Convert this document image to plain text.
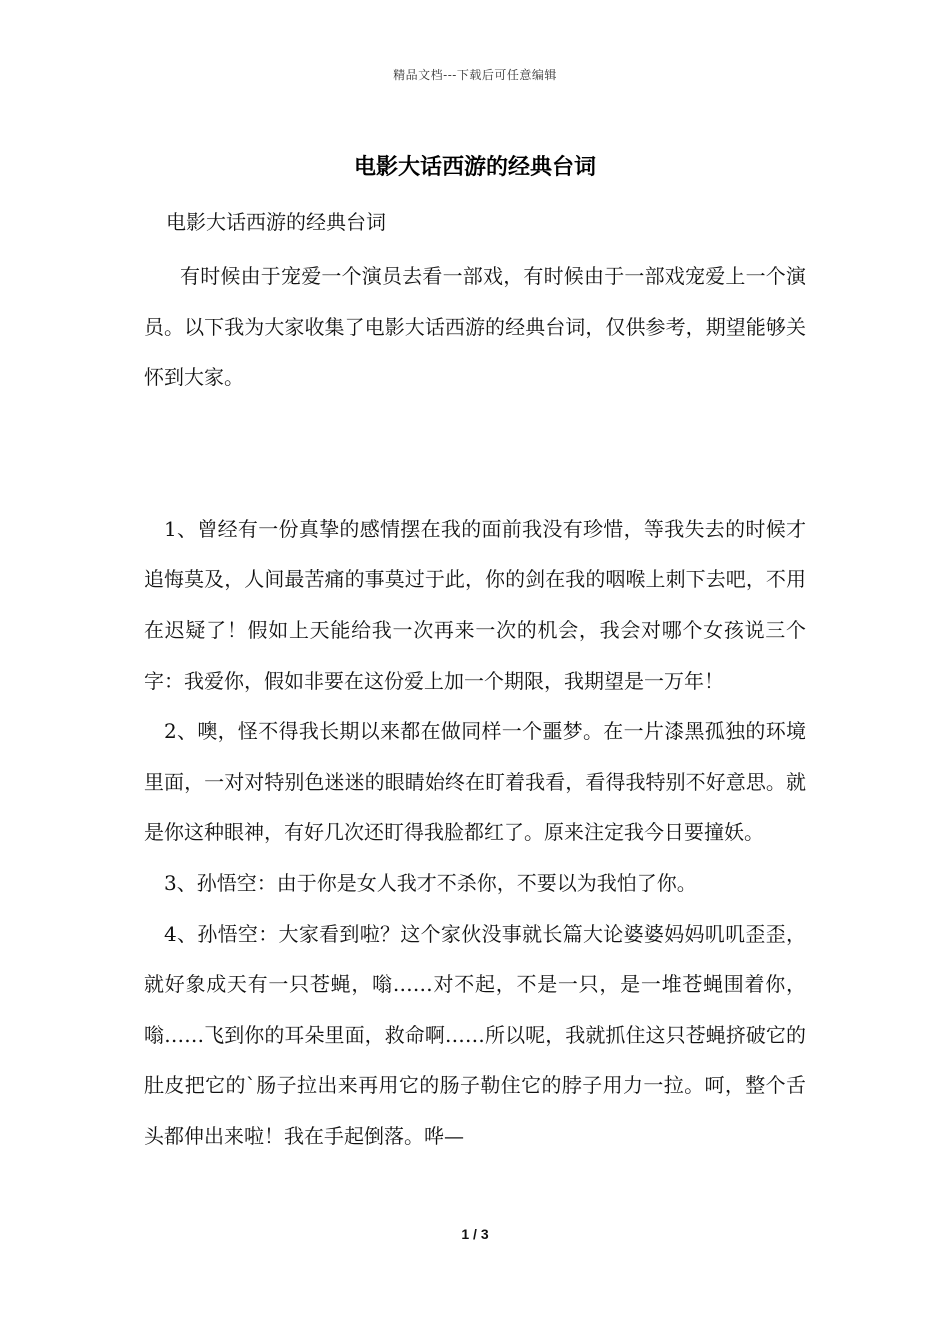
精品文档---下载后可任意编辑
电影大话西游的经典台词
电影大话西游的经典台词

有时候由于宠爱一个演员去看一部戏，有时候由于一部戏宠爱上一个演员。以下我为大家收集了电影大话西游的经典台词，仅供参考，期望能够关怀到大家。

1、曾经有一份真挚的感情摆在我的面前我没有珍惜，等我失去的时候才追悔莫及，人间最苦痛的事莫过于此，你的剑在我的咽喉上刺下去吧，不用在迟疑了！假如上天能给我一次再来一次的机会，我会对哪个女孩说三个字：我爱你，假如非要在这份爱上加一个期限，我期望是一万年！

2、噢，怪不得我长期以来都在做同样一个噩梦。在一片漆黑孤独的环境里面，一对对特别色迷迷的眼睛始终在盯着我看，看得我特别不好意思。就是你这种眼神，有好几次还盯得我脸都红了。原来注定我今日要撞妖。

3、孙悟空：由于你是女人我才不杀你，不要以为我怕了你。

4、孙悟空：大家看到啦？这个家伙没事就长篇大论婆婆妈妈叽叽歪歪，就好象成天有一只苍蝇，嗡……对不起，不是一只，是一堆苍蝇围着你，嗡……飞到你的耳朵里面，救命啊……所以呢，我就抓住这只苍蝇挤破它的肚皮把它的`肠子拉出来再用它的肠子勒住它的脖子用力一拉。呵，整个舌头都伸出来啦！我在手起倒落。哗—

1 / 3
